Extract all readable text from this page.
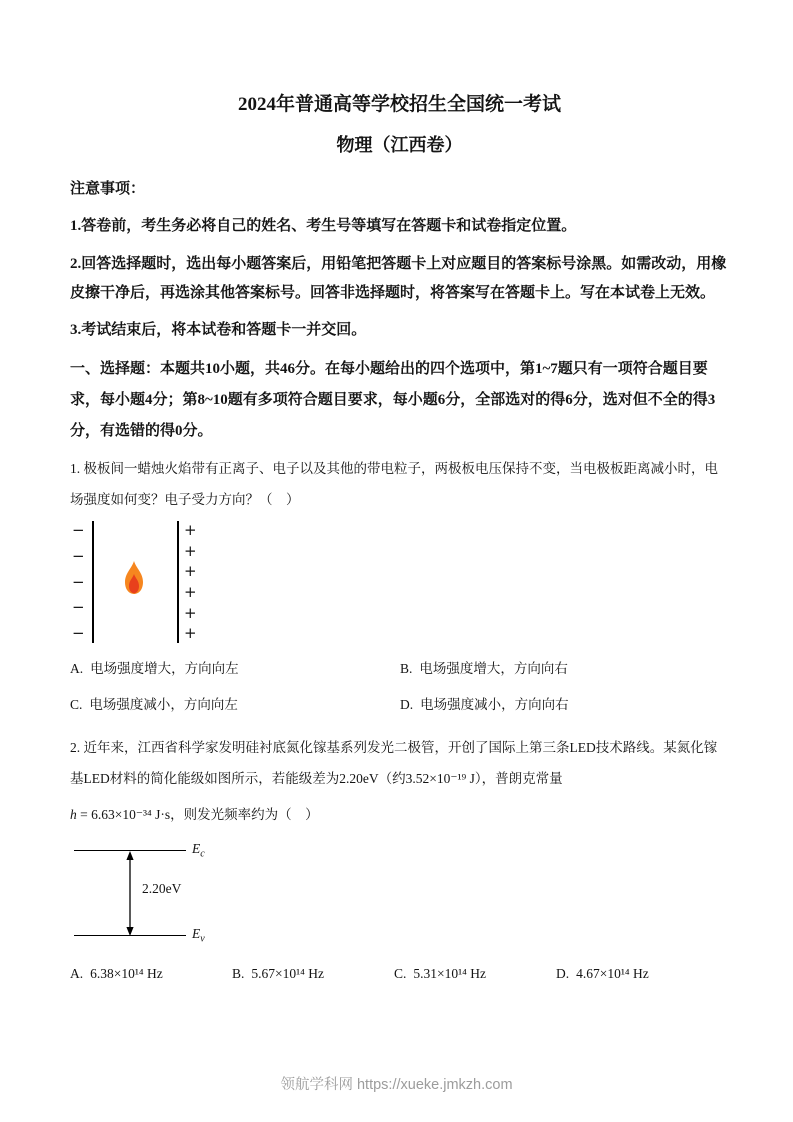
2024年普通高等学校招生全国统一考试

物理（江西卷）

注意事项：

1.答卷前，考生务必将自己的姓名、考生号等填写在答题卡和试卷指定位置。

2.回答选择题时，选出每小题答案后，用铅笔把答题卡上对应题目的答案标号涂黑。如需改动，用橡皮擦干净后，再选涂其他答案标号。回答非选择题时，将答案写在答题卡上。写在本试卷上无效。

3.考试结束后，将本试卷和答题卡一并交回。

一、选择题：本题共10小题，共46分。在每小题给出的四个选项中，第1~7题只有一项符合题目要求，每小题4分；第8~10题有多项符合题目要求，每小题6分，全部选对的得6分，选对但不全的得3分，有选错的得0分。

1. 极板间一蜡烛火焰带有正离子、电子以及其他的带电粒子，两极板电压保持不变，当电极板距离减小时，电场强度如何变？电子受力方向？（　）

−
−
−
−
−
+
+
+
+
+
+
A. 电场强度增大，方向向左	B. 电场强度增大，方向向右
C. 电场强度减小，方向向左	D. 电场强度减小，方向向右

2. 近年来，江西省科学家发明硅衬底氮化镓基系列发光二极管，开创了国际上第三条LED技术路线。某氮化镓基LED材料的简化能级如图所示，若能级差为2.20eV（约3.52×10⁻¹⁹ J），普朗克常量

h = 6.63×10⁻³⁴ J·s，则发光频率约为（　）

$E_c$
$E_v$
2.20eV
A. 6.38×10¹⁴ Hz	B. 5.67×10¹⁴ Hz	C. 5.31×10¹⁴ Hz	D. 4.67×10¹⁴ Hz
领航学科网 https://xueke.jmkzh.com
